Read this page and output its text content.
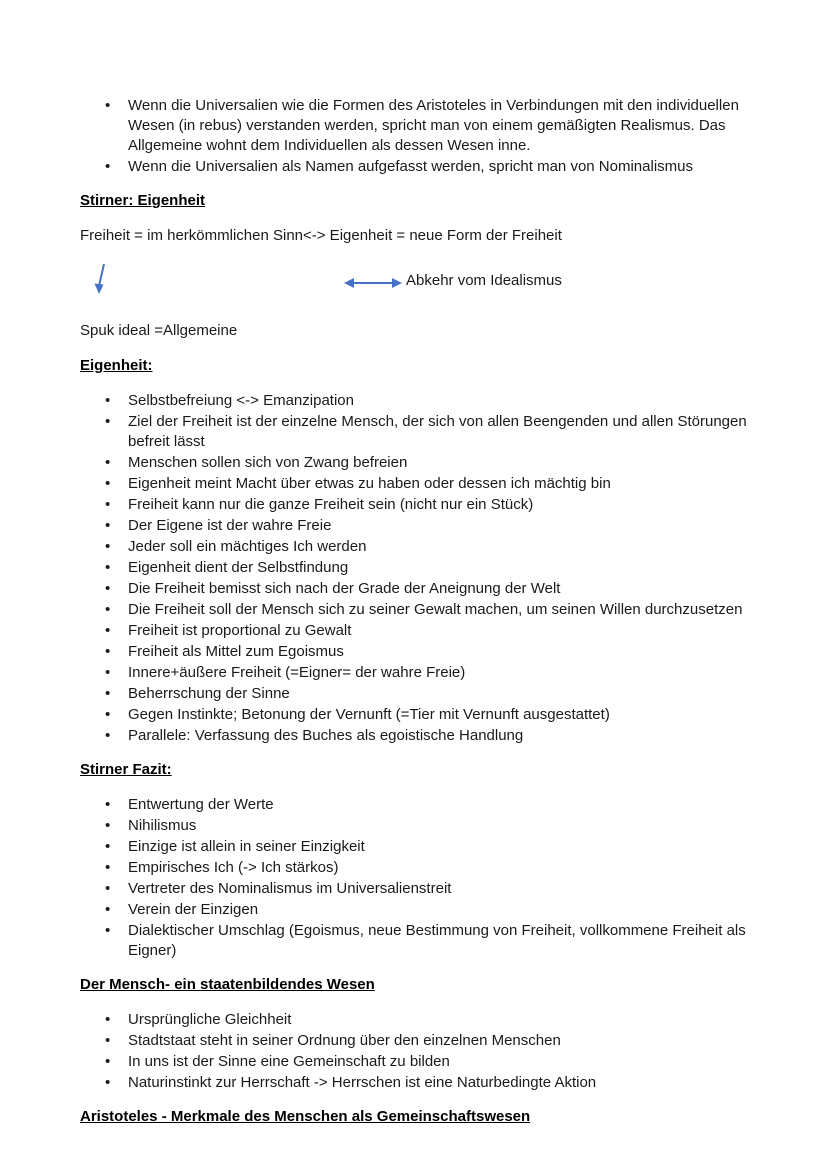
• Wenn die Universalien wie die Formen des Aristoteles in Verbindungen mit den individuellen Wesen (in rebus) verstanden werden, spricht man von einem gemäßigten Realismus. Das Allgemeine wohnt dem Individuellen als dessen Wesen inne.
• Wenn die Universalien als Namen aufgefasst werden, spricht man von Nominalismus
Stirner: Eigenheit

Freiheit = im herkömmlichen Sinn<-> Eigenheit = neue Form der Freiheit

Abkehr vom Idealismus

Spuk ideal =Allgemeine

Eigenheit:
• Selbstbefreiung <-> Emanzipation
• Ziel der Freiheit ist der einzelne Mensch, der sich von allen Beengenden und allen Störungen befreit lässt
• Menschen sollen sich von Zwang befreien
• Eigenheit meint Macht über etwas zu haben oder dessen ich mächtig bin
• Freiheit kann nur die ganze Freiheit sein (nicht nur ein Stück)
• Der Eigene ist der wahre Freie
• Jeder soll ein mächtiges Ich werden
• Eigenheit dient der Selbstfindung
• Die Freiheit bemisst sich nach der Grade der Aneignung der Welt
• Die Freiheit soll der Mensch sich zu seiner Gewalt machen, um seinen Willen durchzusetzen
• Freiheit ist proportional zu Gewalt
• Freiheit als Mittel zum Egoismus
• Innere+äußere Freiheit (=Eigner= der wahre Freie)
• Beherrschung der Sinne
• Gegen Instinkte; Betonung der Vernunft (=Tier mit Vernunft ausgestattet)
• Parallele: Verfassung des Buches als egoistische Handlung
Stirner Fazit:
• Entwertung der Werte
• Nihilismus
• Einzige ist allein in seiner Einzigkeit
• Empirisches Ich (-> Ich stärkos)
• Vertreter des Nominalismus im Universalienstreit
• Verein der Einzigen
• Dialektischer Umschlag (Egoismus, neue Bestimmung von Freiheit, vollkommene Freiheit als Eigner)
Der Mensch- ein staatenbildendes Wesen
• Ursprüngliche Gleichheit
• Stadtstaat steht in seiner Ordnung über den einzelnen Menschen
• In uns ist der Sinne eine Gemeinschaft zu bilden
• Naturinstinkt zur Herrschaft -> Herrschen ist eine Naturbedingte Aktion
Aristoteles - Merkmale des Menschen als Gemeinschaftswesen
